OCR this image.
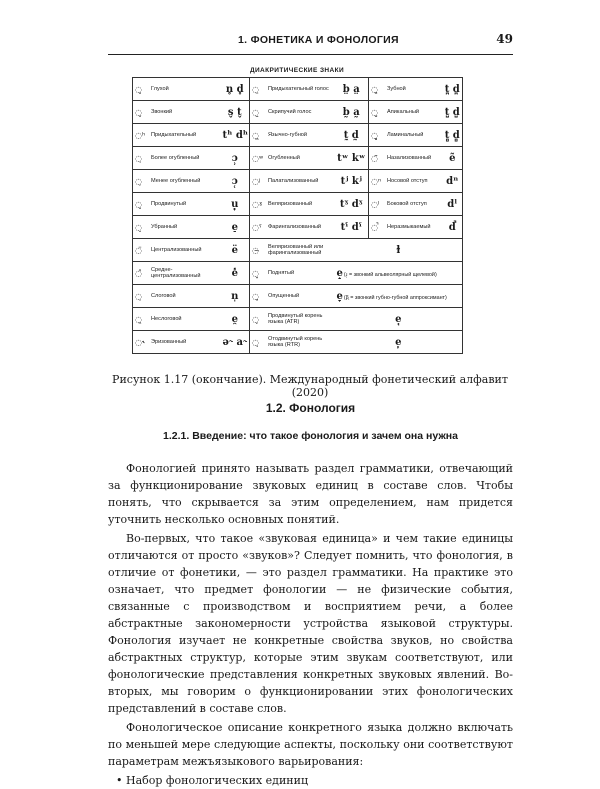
1. ФОНЕТИКА И ФОНОЛОГИЯ	49
ДИАКРИТИЧЕСКИЕ ЗНАКИ
◌̥ Глухой	n̥ d̥	◌̤ Придыхательный голос	b̤ a̤	◌̪ Зубной	t̪ d̪

◌̬ Звонкий	s̬ t̬	◌̰ Скрипучий голос	b̰ a̰	◌̺ Апикальный	t̺ d̺

◌ʰ Придыхательный	tʰ dʰ	◌̼ Язычно-губной	t̼ d̼	◌̻ Ламинальный	t̻ d̻

◌̹ Более огубленный	ɔ̹	◌ʷ Огубленный	tʷ kʷ	◌̃ Назализованный	ẽ

◌̜ Менее огубленный	ɔ̜	◌ʲ Палатализованный	tʲ kʲ	◌ⁿ Носовой отступ	dⁿ

◌̟ Продвинутый	u̟	◌ˠ Веляризованный	tˠ dˠ	◌ˡ Боковой отступ	dˡ

◌̠ Убранный	e̠	◌ˤ Фарингализованный	tˤ dˤ	◌̚ Неразмыкаемый	d̚

◌̈ Централизованный	ë	◌̴ Веляризованный или фарингализованный	ɫ		

◌̽ Средне-централизованный	e̽	◌̝ Поднятый	e̝(ɹ̝ = звонкий альвеолярный щелевой)		

◌̩ Слоговой	n̩	◌̞ Опущенный	e̞(β̞ = звонкий губно-губной аппроксимант)		

◌̯ Неслоговой	e̯	◌̘ Продвинутый корень языка (ATR)	e̘		

◌˞ Эризованный	ə˞ a˞	◌̙ Отодвинутый корень языка (RTR)	e̙		
Рисунок 1.17 (окончание). Международный фонетический алфавит (2020)
1.2. Фонология
1.2.1. Введение: что такое фонология и зачем она нужна

Фонологией принято называть раздел грамматики, отвечающий за функционирование звуковых единиц в составе слов. Чтобы понять, что скрывается за этим определением, нам придется уточнить несколько основных понятий.

Во-первых, что такое «звуковая единица» и чем такие единицы отличаются от просто «звуков»? Следует помнить, что фонология, в отличие от фонетики, — это раздел грамматики. На практике это означает, что предмет фонологии — не физические события, связанные с производством и восприятием речи, а более абстрактные закономерности устройства языковой структуры. Фонология изучает не конкретные свойства звуков, но свойства абстрактных структур, которые этим звукам соответствуют, или фонологические представления конкретных звуковых явлений. Во-вторых, мы говорим о функционировании этих фонологических представлений в составе слов.

Фонологическое описание конкретного языка должно включать по меньшей мере следующие аспекты, поскольку они соответствуют параметрам межъязыкового варьирования:

• Набор фонологических единиц
